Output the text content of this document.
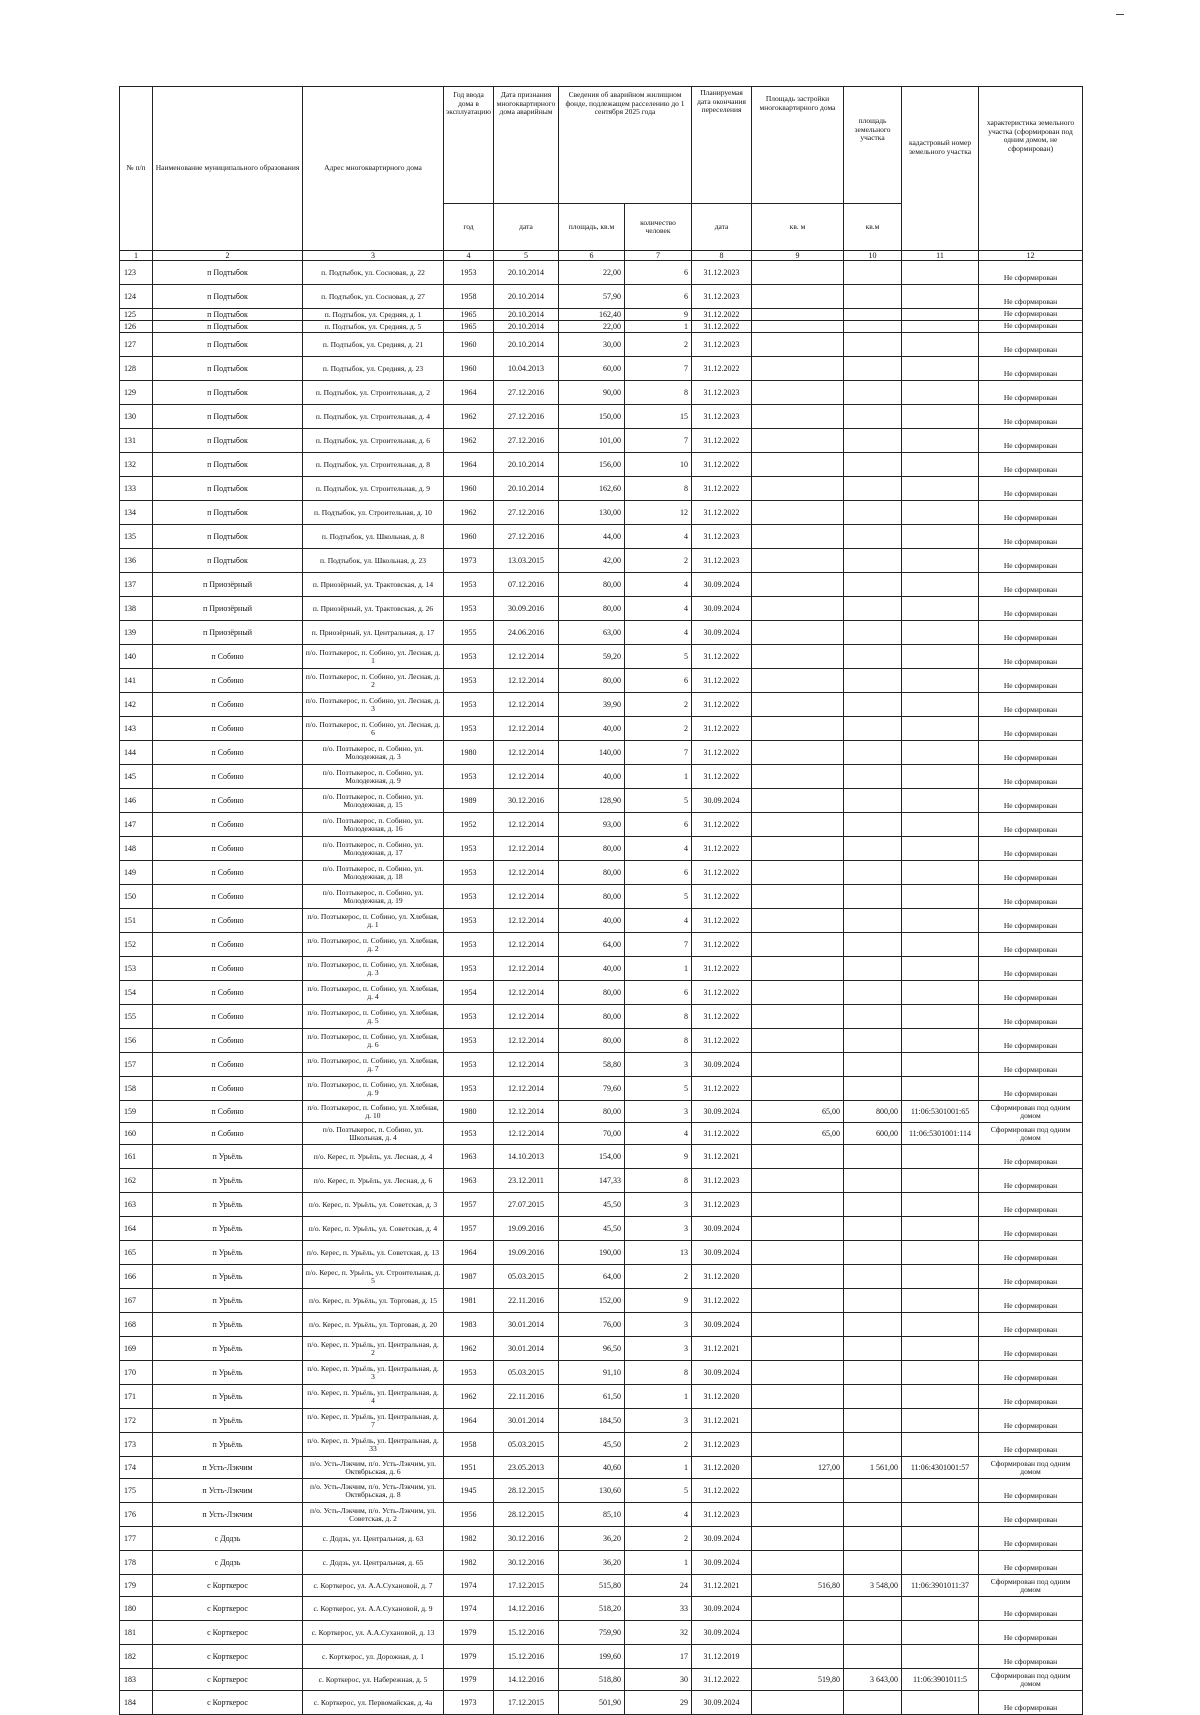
№ п/п	Наименование муниципального образования	Адрес многоквартирного дома	Год ввода дома в эксплуатацию	Дата признания многоквартирного дома аварийным	Сведения об аварийном жилищном фонде, подлежащем расселению до 1 сентября 2025 года		Планируемая дата окончания переселения	Площадь застройки многоквартирного дома	площадь земельного участка	кадастровый номер земельного участка	характеристика земельного участка (сформирован под одним домом, не сформирован)
			год	дата	площадь, кв.м	количество человек	дата	кв. м	кв.м		
1	2	3	4	5	6	7	8	9	10	11	12
123	п Подтыбок	п. Подтыбок, ул. Сосновая, д. 22	1953	20.10.2014	22,00	6	31.12.2023				Не сформирован
124	п Подтыбок	п. Подтыбок, ул. Сосновая, д. 27	1958	20.10.2014	57,90	6	31.12.2023				Не сформирован
125	п Подтыбок	п. Подтыбок, ул. Средняя, д. 1	1965	20.10.2014	162,40	9	31.12.2022				Не сформирован
126	п Подтыбок	п. Подтыбок, ул. Средняя, д. 5	1965	20.10.2014	22,00	1	31.12.2022				Не сформирован
127	п Подтыбок	п. Подтыбок, ул. Средняя, д. 21	1960	20.10.2014	30,00	2	31.12.2023				Не сформирован
128	п Подтыбок	п. Подтыбок, ул. Средняя, д. 23	1960	10.04.2013	60,00	7	31.12.2022				Не сформирован
129	п Подтыбок	п. Подтыбок, ул. Строительная, д. 2	1964	27.12.2016	90,00	8	31.12.2023				Не сформирован
130	п Подтыбок	п. Подтыбок, ул. Строительная, д. 4	1962	27.12.2016	150,00	15	31.12.2023				Не сформирован
131	п Подтыбок	п. Подтыбок, ул. Строительная, д. 6	1962	27.12.2016	101,00	7	31.12.2022				Не сформирован
132	п Подтыбок	п. Подтыбок, ул. Строительная, д. 8	1964	20.10.2014	156,00	10	31.12.2022				Не сформирован
133	п Подтыбок	п. Подтыбок, ул. Строительная, д. 9	1960	20.10.2014	162,60	8	31.12.2022				Не сформирован
134	п Подтыбок	п. Подтыбок, ул. Строительная, д. 10	1962	27.12.2016	130,00	12	31.12.2022				Не сформирован
135	п Подтыбок	п. Подтыбок, ул. Школьная, д. 8	1960	27.12.2016	44,00	4	31.12.2023				Не сформирован
136	п Подтыбок	п. Подтыбок, ул. Школьная, д. 23	1973	13.03.2015	42,00	2	31.12.2023				Не сформирован
137	п Приозёрный	п. Приозёрный, ул. Трактовская, д. 14	1953	07.12.2016	80,00	4	30.09.2024				Не сформирован
138	п Приозёрный	п. Приозёрный, ул. Трактовская, д. 26	1953	30.09.2016	80,00	4	30.09.2024				Не сформирован
139	п Приозёрный	п. Приозёрный, ул. Центральная, д. 17	1955	24.06.2016	63,00	4	30.09.2024				Не сформирован
140	п Собино	п/о. Позтыкерос, п. Собино, ул. Лесная, д. 1	1953	12.12.2014	59,20	5	31.12.2022				Не сформирован
141	п Собино	п/о. Позтыкерос, п. Собино, ул. Лесная, д. 2	1953	12.12.2014	80,00	6	31.12.2022				Не сформирован
142	п Собино	п/о. Позтыкерос, п. Собино, ул. Лесная, д. 3	1953	12.12.2014	39,90	2	31.12.2022				Не сформирован
143	п Собино	п/о. Позтыкерос, п. Собино, ул. Лесная, д. 6	1953	12.12.2014	40,00	2	31.12.2022				Не сформирован
144	п Собино	п/о. Позтыкерос, п. Собино, ул. Молодежная, д. 3	1980	12.12.2014	140,00	7	31.12.2022				Не сформирован
145	п Собино	п/о. Позтыкерос, п. Собино, ул. Молодежная, д. 9	1953	12.12.2014	40,00	1	31.12.2022				Не сформирован
146	п Собино	п/о. Позтыкерос, п. Собино, ул. Молодежная, д. 15	1989	30.12.2016	128,90	5	30.09.2024				Не сформирован
147	п Собино	п/о. Позтыкерос, п. Собино, ул. Молодежная, д. 16	1952	12.12.2014	93,00	6	31.12.2022				Не сформирован
148	п Собино	п/о. Позтыкерос, п. Собино, ул. Молодежная, д. 17	1953	12.12.2014	80,00	4	31.12.2022				Не сформирован
149	п Собино	п/о. Позтыкерос, п. Собино, ул. Молодежная, д. 18	1953	12.12.2014	80,00	6	31.12.2022				Не сформирован
150	п Собино	п/о. Позтыкерос, п. Собино, ул. Молодежная, д. 19	1953	12.12.2014	80,00	5	31.12.2022				Не сформирован
151	п Собино	п/о. Позтыкерос, п. Собино, ул. Хлебная, д. 1	1953	12.12.2014	40,00	4	31.12.2022				Не сформирован
152	п Собино	п/о. Позтыкерос, п. Собино, ул. Хлебная, д. 2	1953	12.12.2014	64,00	7	31.12.2022				Не сформирован
153	п Собино	п/о. Позтыкерос, п. Собино, ул. Хлебная, д. 3	1953	12.12.2014	40,00	1	31.12.2022				Не сформирован
154	п Собино	п/о. Позтыкерос, п. Собино, ул. Хлебная, д. 4	1954	12.12.2014	80,00	6	31.12.2022				Не сформирован
155	п Собино	п/о. Позтыкерос, п. Собино, ул. Хлебная, д. 5	1953	12.12.2014	80,00	8	31.12.2022				Не сформирован
156	п Собино	п/о. Позтыкерос, п. Собино, ул. Хлебная, д. 6	1953	12.12.2014	80,00	8	31.12.2022				Не сформирован
157	п Собино	п/о. Позтыкерос, п. Собино, ул. Хлебная, д. 7	1953	12.12.2014	58,80	3	30.09.2024				Не сформирован
158	п Собино	п/о. Позтыкерос, п. Собино, ул. Хлебная, д. 9	1953	12.12.2014	79,60	5	31.12.2022				Не сформирован
159	п Собино	п/о. Позтыкерос, п. Собино, ул. Хлебная, д. 10	1980	12.12.2014	80,00	3	30.09.2024	65,00	800,00	11:06:5301001:65	Сформирован под одним домом
160	п Собино	п/о. Позтыкерос, п. Собино, ул. Школьная, д. 4	1953	12.12.2014	70,00	4	31.12.2022	65,00	600,00	11:06:5301001:114	Сформирован под одним домом
161	п Урьёль	п/о. Керес, п. Урьёль, ул. Лесная, д. 4	1963	14.10.2013	154,00	9	31.12.2021				Не сформирован
162	п Урьёль	п/о. Керес, п. Урьёль, ул. Лесная, д. 6	1963	23.12.2011	147,33	8	31.12.2023				Не сформирован
163	п Урьёль	п/о. Керес, п. Урьёль, ул. Советская, д. 3	1957	27.07.2015	45,50	3	31.12.2023				Не сформирован
164	п Урьёль	п/о. Керес, п. Урьёль, ул. Советская, д. 4	1957	19.09.2016	45,50	3	30.09.2024				Не сформирован
165	п Урьёль	п/о. Керес, п. Урьёль, ул. Советская, д. 13	1964	19.09.2016	190,00	13	30.09.2024				Не сформирован
166	п Урьёль	п/о. Керес, п. Урьёль, ул. Строительная, д. 5	1987	05.03.2015	64,00	2	31.12.2020				Не сформирован
167	п Урьёль	п/о. Керес, п. Урьёль, ул. Торговая, д. 15	1981	22.11.2016	152,00	9	31.12.2022				Не сформирован
168	п Урьёль	п/о. Керес, п. Урьёль, ул. Торговая, д. 20	1983	30.01.2014	76,00	3	30.09.2024				Не сформирован
169	п Урьёль	п/о. Керес, п. Урьёль, ул. Центральная, д. 2	1962	30.01.2014	96,50	3	31.12.2021				Не сформирован
170	п Урьёль	п/о. Керес, п. Урьёль, ул. Центральная, д. 3	1953	05.03.2015	91,10	8	30.09.2024				Не сформирован
171	п Урьёль	п/о. Керес, п. Урьёль, ул. Центральная, д. 4	1962	22.11.2016	61,50	1	31.12.2020				Не сформирован
172	п Урьёль	п/о. Керес, п. Урьёль, ул. Центральная, д. 7	1964	30.01.2014	184,50	3	31.12.2021				Не сформирован
173	п Урьёль	п/о. Керес, п. Урьёль, ул. Центральная, д. 33	1958	05.03.2015	45,50	2	31.12.2023				Не сформирован
174	п Усть-Лэкчим	п/о. Усть-Лэкчим, п/о. Усть-Лэкчим, ул. Октябрьская, д. 6	1951	23.05.2013	40,60	1	31.12.2020	127,00	1 561,00	11:06:4301001:57	Сформирован под одним домом
175	п Усть-Лэкчим	п/о. Усть-Лэкчим, п/о. Усть-Лэкчим, ул. Октябрьская, д. 8	1945	28.12.2015	130,60	5	31.12.2022				Не сформирован
176	п Усть-Лэкчим	п/о. Усть-Лэкчим, п/о. Усть-Лэкчим, ул. Советская, д. 2	1956	28.12.2015	85,10	4	31.12.2023				Не сформирован
177	с Додзь	с. Додзь, ул. Центральная, д. 63	1982	30.12.2016	36,20	2	30.09.2024				Не сформирован
178	с Додзь	с. Додзь, ул. Центральная, д. 65	1982	30.12.2016	36,20	1	30.09.2024				Не сформирован
179	с Корткерос	с. Корткерос, ул. А.А.Сухановой, д. 7	1974	17.12.2015	515,80	24	31.12.2021	516,80	3 548,00	11:06:3901011:37	Сформирован под одним домом
180	с Корткерос	с. Корткерос, ул. А.А.Сухановой, д. 9	1974	14.12.2016	518,20	33	30.09.2024				Не сформирован
181	с Корткерос	с. Корткерос, ул. А.А.Сухановой, д. 13	1979	15.12.2016	759,90	32	30.09.2024				Не сформирован
182	с Корткерос	с. Корткерос, ул. Дорожная, д. 1	1979	15.12.2016	199,60	17	31.12.2019				Не сформирован
183	с Корткерос	с. Корткерос, ул. Набережная, д. 5	1979	14.12.2016	518,80	30	31.12.2022	519,80	3 643,00	11:06:3901011:5	Сформирован под одним домом
184	с Корткерос	с. Корткерос, ул. Первомайская, д. 4а	1973	17.12.2015	501,90	29	30.09.2024				Не сформирован
